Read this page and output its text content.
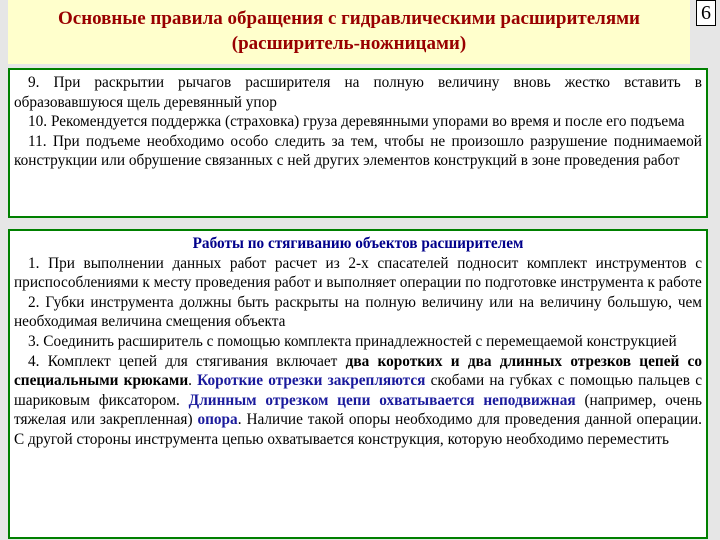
Основные правила обращения с гидравлическими расширителями
(расширитель-ножницами)
6

9. При раскрытии рычагов расширителя на полную величину вновь жестко вставить в образовавшуюся щель деревянный упор

10. Рекомендуется поддержка (страховка) груза деревянными упорами во время и после его подъема

11. При подъеме необходимо особо следить за тем, чтобы не произошло разрушение поднимаемой конструкции или обрушение связанных с ней других элементов конструкций в зоне проведения работ

Работы по стягиванию объектов расширителем

1. При выполнении данных работ расчет из 2-х спасателей подносит комплект инструментов с приспособлениями к месту проведения работ и выполняет операции по подготовке инструмента к работе

2. Губки инструмента должны быть раскрыты на полную величину или на величину большую, чем необходимая величина смещения объекта

3. Соединить расширитель с помощью комплекта принадлежностей с перемещаемой конструкцией

4. Комплект цепей для стягивания включает два коротких и два длинных отрезков цепей со специальными крюками. Короткие отрезки закрепляются скобами на губках с помощью пальцев с шариковым фиксатором. Длинным отрезком цепи охватывается неподвижная (например, очень тяжелая или закрепленная) опора. Наличие такой опоры необходимо для проведения данной операции. С другой стороны инструмента цепью охватывается конструкция, которую необходимо переместить
